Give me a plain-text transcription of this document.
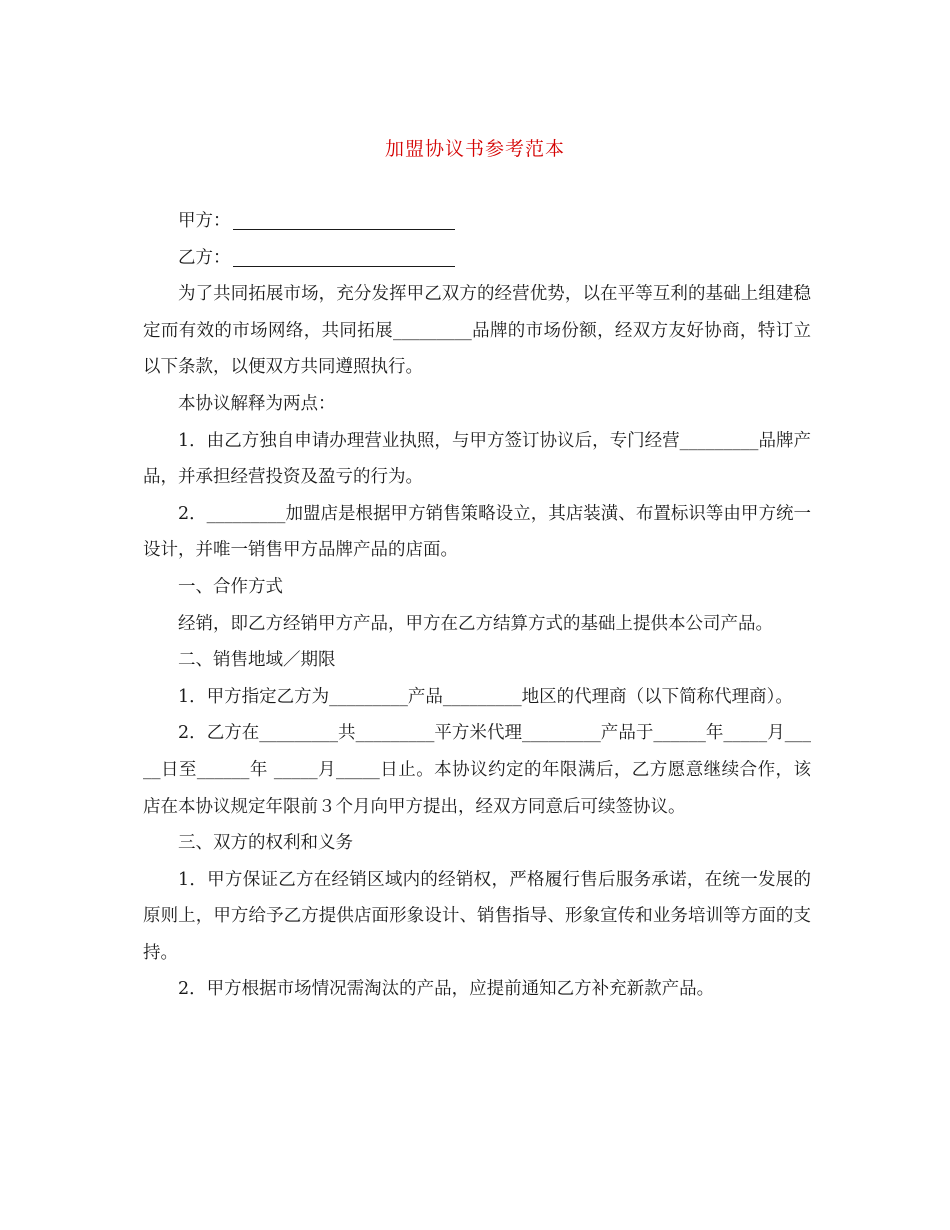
加盟协议书参考范本
甲方：
乙方：

为了共同拓展市场，充分发挥甲乙双方的经营优势，以在平等互利的基础上组建稳定而有效的市场网络，共同拓展_________品牌的市场份额，经双方友好协商，特订立以下条款，以便双方共同遵照执行。

本协议解释为两点：

1．由乙方独自申请办理营业执照，与甲方签订协议后，专门经营_________品牌产品，并承担经营投资及盈亏的行为。

2．_________加盟店是根据甲方销售策略设立，其店装潢、布置标识等由甲方统一设计，并唯一销售甲方品牌产品的店面。

一、合作方式

经销，即乙方经销甲方产品，甲方在乙方结算方式的基础上提供本公司产品。

二、销售地域／期限

1．甲方指定乙方为_________产品_________地区的代理商（以下简称代理商）。

2．乙方在_________共_________平方米代理_________产品于______年_____月_____日至______年 _____月_____日止。本协议约定的年限满后，乙方愿意继续合作，该店在本协议规定年限前３个月向甲方提出，经双方同意后可续签协议。

三、双方的权利和义务

1．甲方保证乙方在经销区域内的经销权，严格履行售后服务承诺，在统一发展的原则上，甲方给予乙方提供店面形象设计、销售指导、形象宣传和业务培训等方面的支持。

2．甲方根据市场情况需淘汰的产品，应提前通知乙方补充新款产品。
